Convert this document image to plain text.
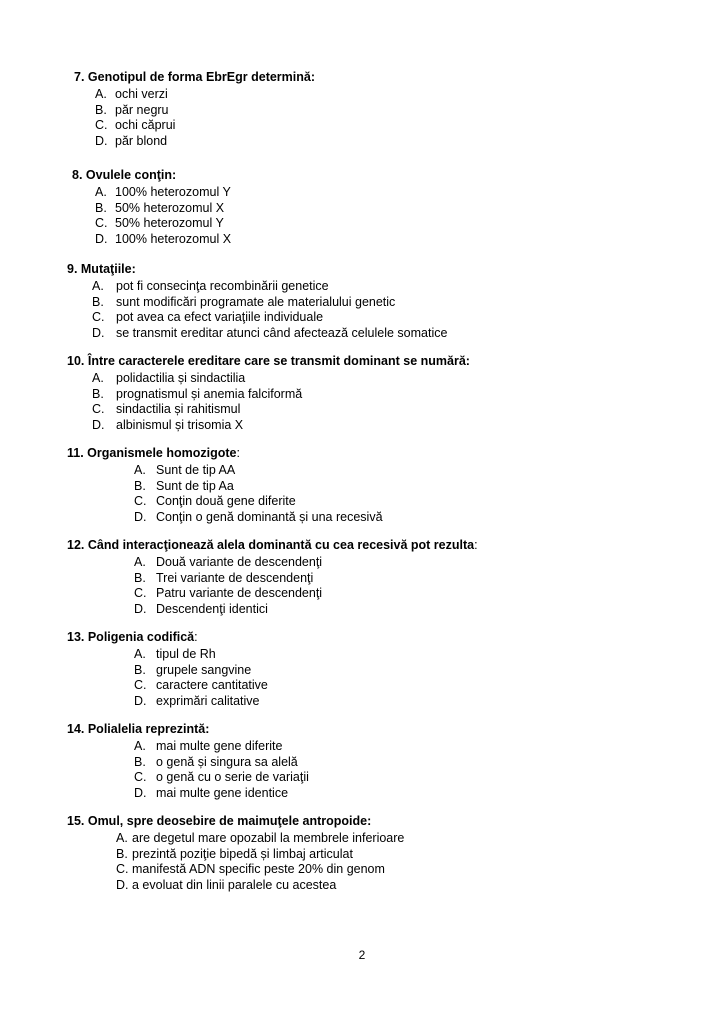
7. Genotipul de forma EbrEgr determină:
A. ochi verzi
B. păr negru
C. ochi căprui
D. păr blond
8. Ovulele conţin:
A. 100% heterozomul Y
B. 50% heterozomul X
C. 50% heterozomul Y
D. 100% heterozomul X
9. Mutaţiile:
A. pot fi consecinţa recombinării genetice
B. sunt modificări programate ale materialului genetic
C. pot avea ca efect variaţiile individuale
D. se transmit ereditar atunci când afectează celulele somatice
10. Între caracterele ereditare care se transmit dominant se numără:
A. polidactilia și sindactilia
B. prognatismul și anemia falciformă
C. sindactilia și rahitismul
D. albinismul și trisomia X
11. Organismele homozigote:
A. Sunt de tip AA
B. Sunt de tip Aa
C. Conţin două gene diferite
D. Conţin o genă dominantă și una recesivă
12. Când interacţionează alela dominantă cu cea recesivă pot rezulta:
A. Două variante de descendenţi
B. Trei variante de descendenţi
C. Patru variante de descendenţi
D. Descendenţi identici
13. Poligenia codifică:
A. tipul de Rh
B. grupele sangvine
C. caractere cantitative
D. exprimări calitative
14. Polialelia reprezintă:
A. mai multe gene diferite
B. o genă și singura sa alelă
C. o genă cu o serie de variaţii
D. mai multe gene identice
15. Omul, spre deosebire de maimuţele antropoide:
A. are degetul mare opozabil la membrele inferioare
B. prezintă poziţie bipedă și limbaj articulat
C. manifestă ADN specific peste 20% din genom
D. a evoluat din linii paralele cu acestea
2
